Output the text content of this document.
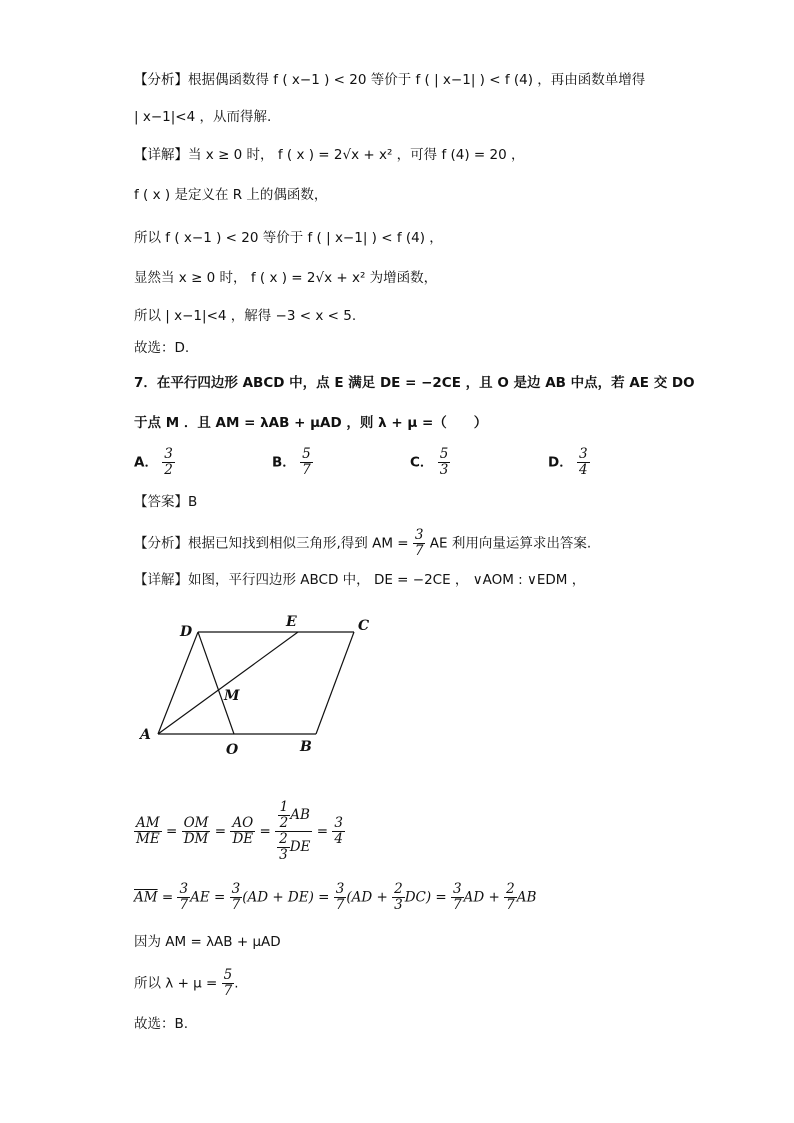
【分析】根据偶函数得 f ( x−1 ) < 20 等价于 f ( | x−1| ) < f (4) ，再由函数单增得
| x−1|<4 ，从而得解.
【详解】当 x ≥ 0 时， f ( x ) = 2√x + x² ，可得 f (4) = 20 ，
f ( x ) 是定义在 R 上的偶函数，
所以 f ( x−1 ) < 20 等价于 f ( | x−1| ) < f (4) ，
显然当 x ≥ 0 时， f ( x ) = 2√x + x² 为增函数，
所以 | x−1|<4 ，解得 −3 < x < 5.
故选：D.
7．在平行四边形 ABCD 中，点 E 满足 DE = −2CE ，且 O 是边 AB 中点，若 AE 交 DO
于点 M ．且 AM = λAB + μAD ，则 λ + μ =（　　）
A． $\frac{3}{2}$	B． $\frac{5}{7}$	C． $\frac{5}{3}$	D． $\frac{3}{4}$
【答案】B
【分析】根据已知找到相似三角形,得到 AM = $\frac{3}{7}$ AE 利用向量运算求出答案.
【详解】如图，平行四边形 ABCD 中， DE = −2CE ， ∨AOM : ∨EDM ，
A
B
C
D
E
M
O
$\frac{AM}{ME} = \frac{OM}{DM} = \frac{AO}{DE} = \frac{\frac{1}{2} AB}{\frac{2}{3} DE} = \frac{3}{4}$
$\overline{AM} = \frac{3}{7}$ AE = $\frac{3}{7} (AD + DE) = \frac{3}{7} (AD + \frac{2}{3} DC) = \frac{3}{7}$ AD + $\frac{2}{7}$ AB
因为 AM = λAB + μAD
所以 $\lambda + \mu = \frac{5}{7}$ .
故选：B.
